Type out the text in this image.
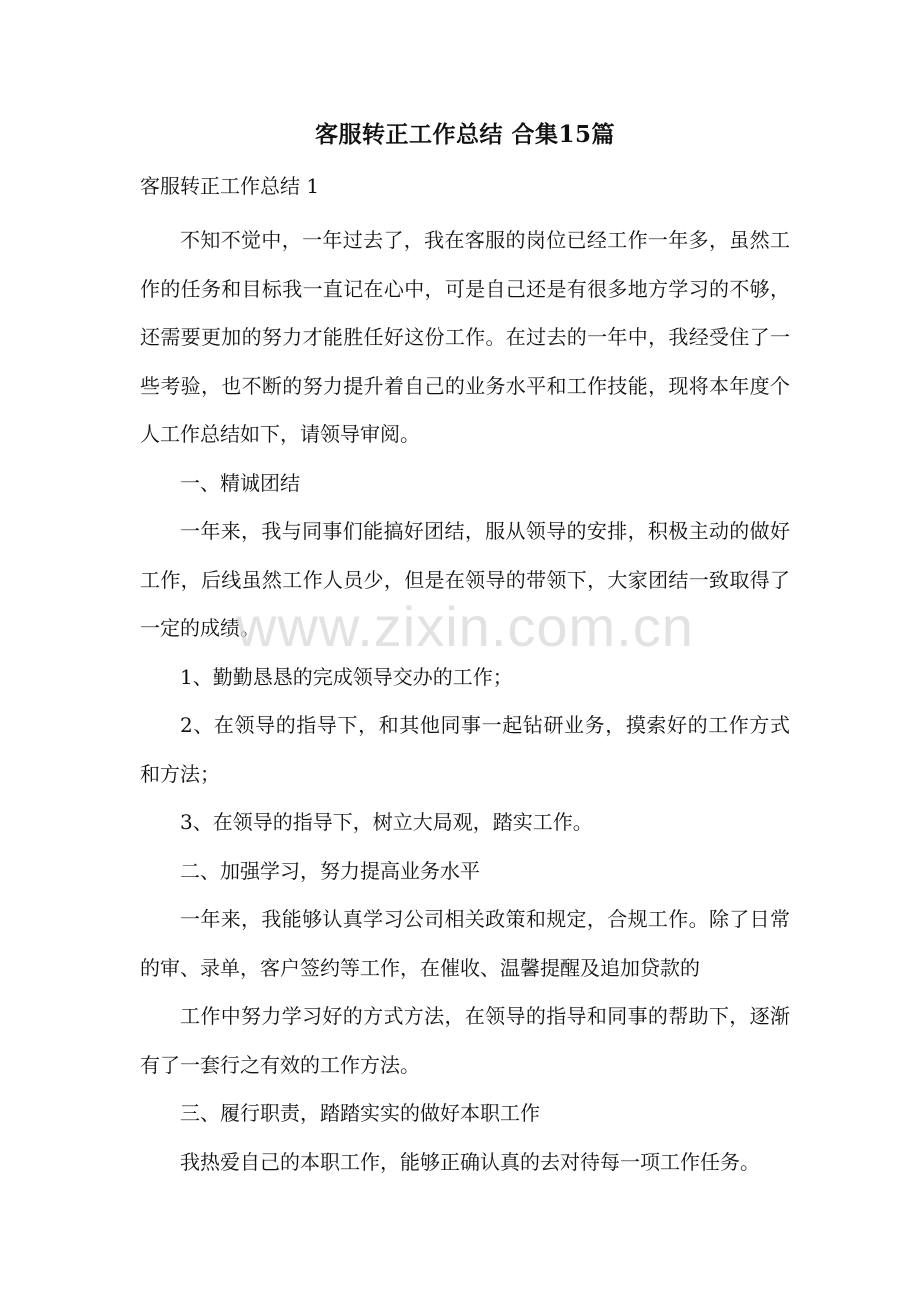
客服转正工作总结 合集15篇
客服转正工作总结 1

不知不觉中，一年过去了，我在客服的岗位已经工作一年多，虽然工作的任务和目标我一直记在心中，可是自己还是有很多地方学习的不够，还需要更加的努力才能胜任好这份工作。在过去的一年中，我经受住了一些考验，也不断的努力提升着自己的业务水平和工作技能，现将本年度个人工作总结如下，请领导审阅。

一、精诚团结

一年来，我与同事们能搞好团结，服从领导的安排，积极主动的做好工作，后线虽然工作人员少，但是在领导的带领下，大家团结一致取得了一定的成绩。

1、勤勤恳恳的完成领导交办的工作；

2、在领导的指导下，和其他同事一起钻研业务，摸索好的工作方式和方法；

3、在领导的指导下，树立大局观，踏实工作。

二、加强学习，努力提高业务水平

一年来，我能够认真学习公司相关政策和规定，合规工作。除了日常的审、录单，客户签约等工作，在催收、温馨提醒及追加贷款的

工作中努力学习好的方式方法，在领导的指导和同事的帮助下，逐渐有了一套行之有效的工作方法。

三、履行职责，踏踏实实的做好本职工作

我热爱自己的本职工作，能够正确认真的去对待每一项工作任务。

www.zixin.com.cn
